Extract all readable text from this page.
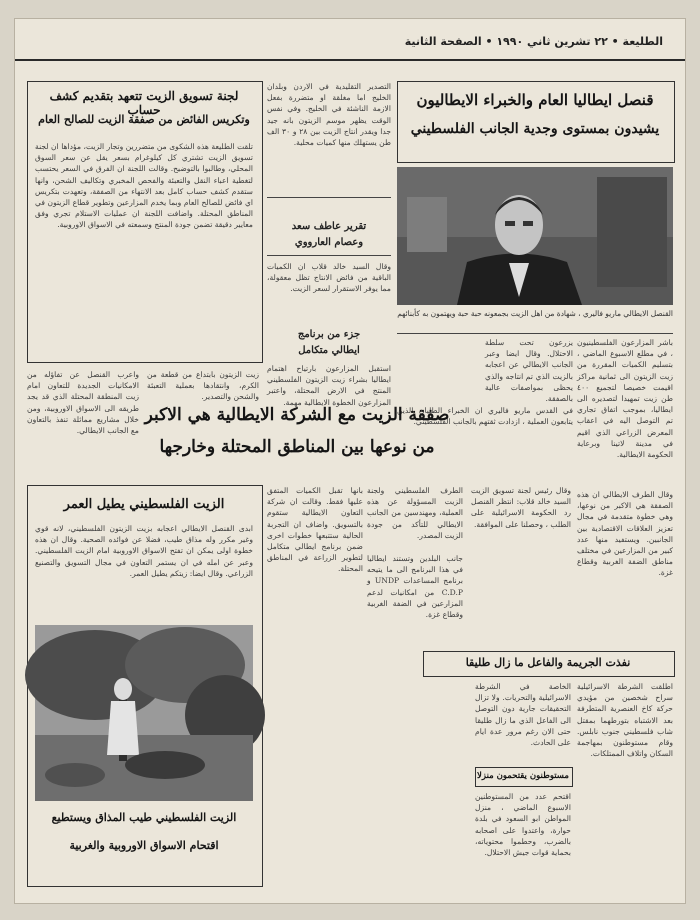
الطليعة • ٢٢ تشرين ثاني ١٩٩٠ • الصفحة الثانية
قنصل ايطاليا العام والخبراء الايطاليون
يشيدون بمستوى وجدية الجانب الفلسطيني
القنصل الايطالي ماريو فاليري ، شهادة من اهل الزيت بجمعونه حبة حبة ويهتمون به كأبنائهم

باشر المزارعون الفلسطينيون ، في مطلع الاسبوع الماضي ، بتسليم الكميات المقررة من زيت الزيتون الى ثمانية مراكز اقيمت خصيصا لتجميع ٤٠٠ طن زيت تمهيدا لتصديره الى ايطاليا، بموجب اتفاق تجاري تم التوصل اليه في اعقاب المعرض الزراعي الذي اقيم في مدينة لاتينا وبرعاية الحكومة الايطالية.

يزرعون تحت سلطة الاحتلال. وقال ايضا وعبر الجانب الايطالي عن اعجابه بالزيت الذي تم انتاجه والذي يحظى بمواصفات عالية بالصفقة.

التصدير التقليدية في الاردن وبلدان الخليج اما مغلقة او متضررة بفعل الازمة الناشئة في الخليج. وفي نفس الوقت يظهر موسم الزيتون بانه جيد جدا ويقدر انتاج الزيت بين ٢٨ و ٣٠ الف طن يستهلك منها كميات محلية.

تقرير عاطف سعد
وعصام العارووي

وقال السيد خالد قلاب ان الكميات الباقية من فائض الانتاج تظل معقولة، مما يوفر الاستقرار لسعر الزيت.

جزء من برنامج
ايطالي متكامل

استقبل المزارعون بارتياح اهتمام ايطاليا بشراء زيت الزيتون الفلسطيني المنتج في الارض المحتلة، واعتبر المزارعون الخطوة الايطالية مهمة.

في القدس ماريو فاليري ان الخبراء الطليان الذين يتابعون العملية ، ازدادت ثقتهم بالجانب الفلسطيني.

لجنة تسويق الزيت تتعهد بتقديم كشف حساب
وتكريس الفائض من صفقة الزيت للصالح العام

تلقت الطليعة هذه الشكوى من متضررين وتجار الزيت، مؤداها ان لجنة تسويق الزيت تشتري كل كيلوغرام بسعر يقل عن سعر السوق المحلي، وطالبوا بالتوضيح. وقالت اللجنة ان الفرق في السعر يحتسب لتغطية اعباء النقل والتعبئة والفحص المخبري وتكاليف الشحن، وانها ستقدم كشف حساب كامل بعد الانتهاء من الصفقة، وتعهدت بتكريس اي فائض للصالح العام وبما يخدم المزارعين وتطوير قطاع الزيتون في المناطق المحتلة. واضافت اللجنة ان عمليات الاستلام تجري وفق معايير دقيقة تضمن جودة المنتج وسمعته في الاسواق الاوروبية.

واعرب القنصل عن تفاؤله من الامكانيات الجديدة للتعاون امام زيت المنطقة المحتلة الذي قد يجد طريقه الى الاسواق الاوروبية، ومن خلال مشاريع مماثلة تنفذ بالتعاون مع الجانب الايطالي.

زيت الزيتون بابتداع من قطعة من الكرم، وانتقادها بعملية التعبئة والشحن والتصدير.

صفقة الزيت مع الشركة الايطالية هي الاكبر
من نوعها بين المناطق المحتلة وخارجها

وقال الطرف الايطالي ان هذه الصفقة هي الاكبر من نوعها، وهي خطوة متقدمة في مجال تعزيز العلاقات الاقتصادية بين الجانبين. ويستفيد منها عدد كبير من المزارعين في مختلف مناطق الضفة الغربية وقطاع غزة.

الزيت الفلسطيني يطيل العمر

ابدى القنصل الايطالي اعجابه بزيت الزيتون الفلسطيني، لانه قوي وغير مكرر وله مذاق طيب، فضلا عن فوائده الصحية. وقال ان هذه خطوة اولى يمكن ان تفتح الاسواق الاوروبية امام الزيت الفلسطيني. وعبر عن امله في ان يستمر التعاون في مجال التسويق والتصنيع الزراعي. وقال ايضا: زيتكم يطيل العمر.

الزيت الفلسطيني طيب المذاق ويستطيع
اقتحام الاسواق الاوروبية والغربية

بانها تقبل الكميات المتفق عليها فقط. وقالت ان شركة التعاون الايطالية ستقوم بالتسويق. واضاف ان التجربة الحالية ستتبعها خطوات اخرى ضمن برنامج ايطالي متكامل لتطوير الزراعة في المناطق المحتلة.

الطرف الفلسطيني ولجنة الزيت المسؤولة عن هذه العملية، ومهندسين من الجانب الايطالي للتأكد من جودة الزيت المصدر.

وقال رئيس لجنة تسويق الزيت السيد خالد قلاب: انتظر القنصل رد الحكومة الاسرائيلية على الطلب ، وحصلنا على الموافقة.

جانب البلدين وتستند ايطاليا في هذا البرنامج الى ما يتيحه برنامج المساعدات UNDP و C.D.P من امكانيات لدعم المزارعين في الضفة الغربية وقطاع غزة.

نفذت الجريمة والفاعل ما زال طليقا

اطلقت الشرطة الاسرائيلية سراح شخصين من مؤيدي حركة كاخ العنصرية المتطرفة بعد الاشتباه بتورطهما بمقتل شاب فلسطيني جنوب نابلس. وقام مستوطنون بمهاجمة السكان واتلاف الممتلكات.

الخاصة في الشرطة الاسرائيلية والتحريات. ولا تزال التحقيقات جارية دون التوصل الى الفاعل الذي ما زال طليقا حتى الان رغم مرور عدة ايام على الحادث.

مستوطنون يقتحمون منزلا

اقتحم عدد من المستوطنين الاسبوع الماضي ، منزل المواطن ابو السعود في بلدة حوارة، واعتدوا على اصحابه بالضرب، وحطموا محتوياته، بحماية قوات جيش الاحتلال.
